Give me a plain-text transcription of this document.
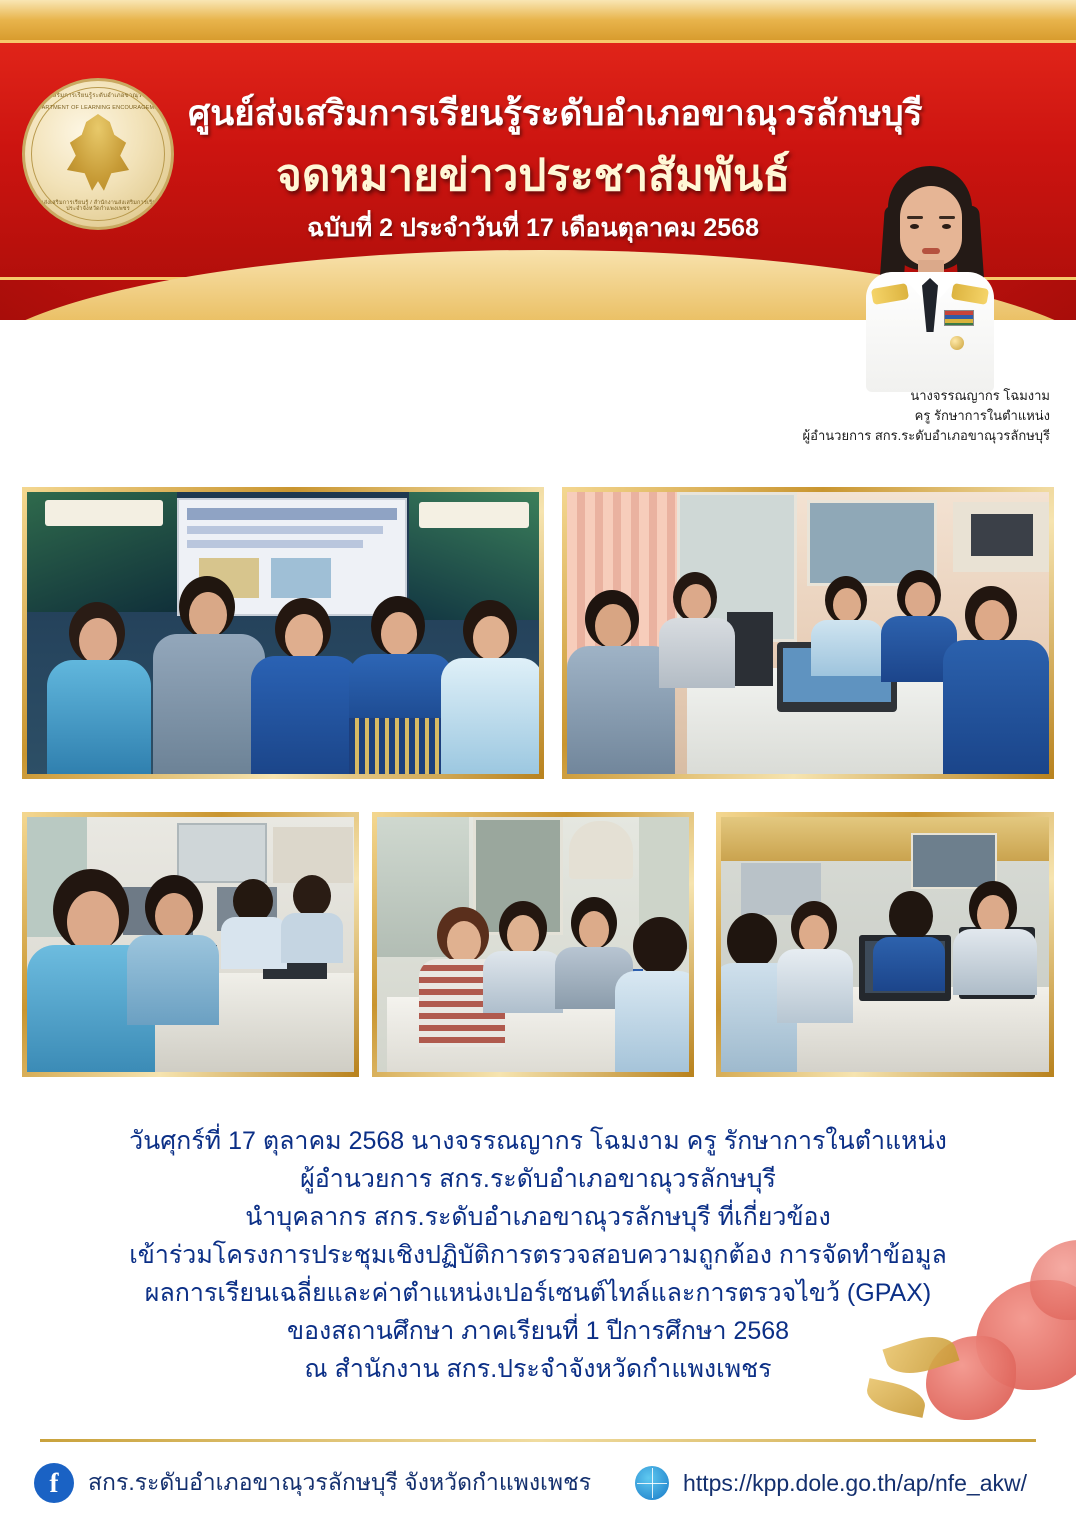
ศูนย์ส่งเสริมการเรียนรู้ระดับอำเภอขาณุวรลักษบุรี
DEPARTMENT OF LEARNING ENCOURAGEMENT
กรมส่งเสริมการเรียนรู้ / สำนักงานส่งเสริมการเรียนรู้ประจำจังหวัดกำแพงเพชร
ศูนย์ส่งเสริมการเรียนรู้ระดับอำเภอขาณุวรลักษบุรี
จดหมายข่าวประชาสัมพันธ์
ฉบับที่ 2 ประจำวันที่ 17 เดือนตุลาคม 2568
นางจรรณญากร โฉมงาม
ครู รักษาการในตำแหน่ง
ผู้อำนวยการ สกร.ระดับอำเภอขาณุวรลักษบุรี
วันศุกร์ที่ 17 ตุลาคม 2568 นางจรรณญากร โฉมงาม ครู รักษาการในตำแหน่ง
ผู้อำนวยการ สกร.ระดับอำเภอขาณุวรลักษบุรี
นำบุคลากร สกร.ระดับอำเภอขาณุวรลักษบุรี ที่เกี่ยวข้อง
เข้าร่วมโครงการประชุมเชิงปฏิบัติการตรวจสอบความถูกต้อง การจัดทำข้อมูล
ผลการเรียนเฉลี่ยและค่าตำแหน่งเปอร์เซนต์ไทล์และการตรวจไขว้ (GPAX)
ของสถานศึกษา ภาคเรียนที่ 1 ปีการศึกษา 2568
ณ สำนักงาน สกร.ประจำจังหวัดกำแพงเพชร
f	สกร.ระดับอำเภอขาณุวรลักษบุรี จังหวัดกำแพงเพชร	https://kpp.dole.go.th/ap/nfe_akw/
